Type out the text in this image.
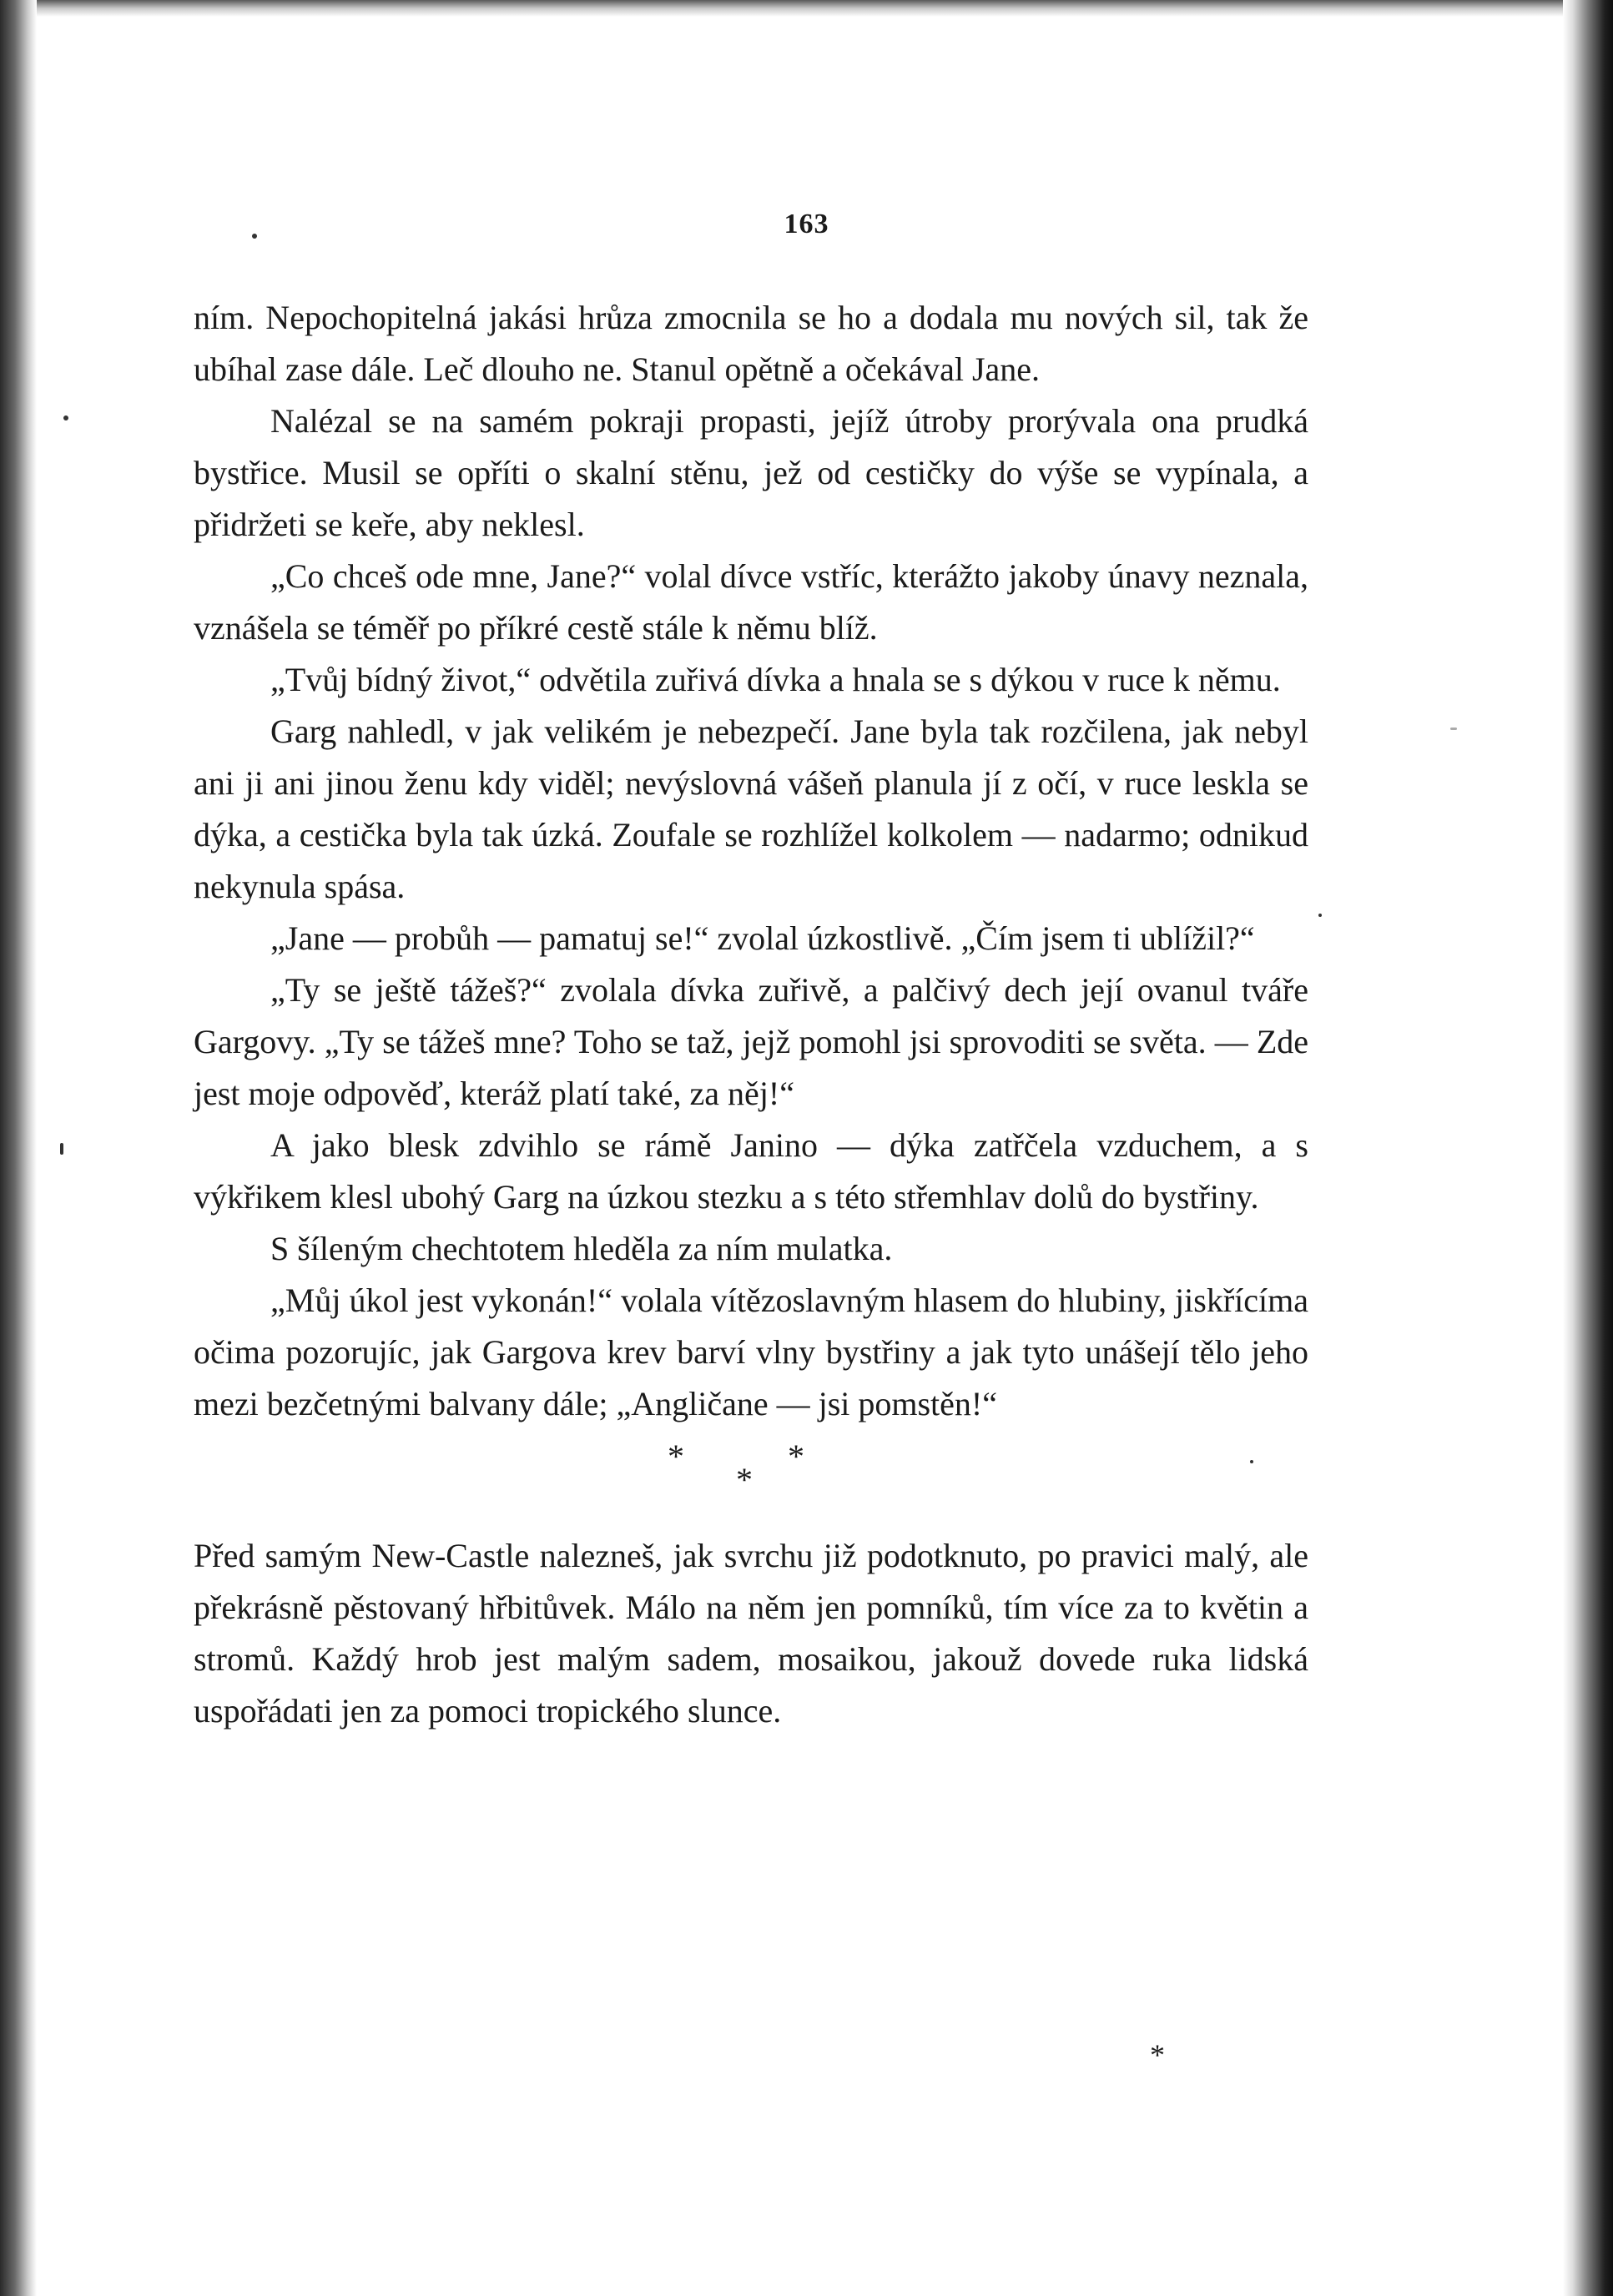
163

ním. Nepochopitelná jakási hrůza zmocnila se ho a dodala mu nových sil, tak že ubíhal zase dále. Leč dlouho ne. Stanul opětně a očekával Jane.

Nalézal se na samém pokraji propasti, jejíž útroby prorývala ona prudká bystřice. Musil se opříti o skalní stěnu, jež od cestičky do výše se vypínala, a přidržeti se keře, aby neklesl.

„Co chceš ode mne, Jane?“ volal dívce vstříc, kterážto jakoby únavy neznala, vznášela se téměř po příkré cestě stále k němu blíž.

„Tvůj bídný život,“ odvětila zuřivá dívka a hnala se s dýkou v ruce k němu.

Garg nahledl, v jak velikém je nebezpečí. Jane byla tak rozčilena, jak nebyl ani ji ani jinou ženu kdy viděl; nevýslovná vášeň planula jí z očí, v ruce leskla se dýka, a cestička byla tak úzká. Zoufale se rozhlížel kolkolem — nadarmo; odnikud nekynula spása.

„Jane — probůh — pamatuj se!“ zvolal úzkostlivě. „Čím jsem ti ublížil?“

„Ty se ještě tážeš?“ zvolala dívka zuřivě, a palčivý dech její ovanul tváře Gargovy. „Ty se tážeš mne? Toho se taž, jejž pomohl jsi sprovoditi se světa. — Zde jest moje odpověď, kteráž platí také, za něj!“

A jako blesk zdvihlo se rámě Janino — dýka zatřčela vzduchem, a s výkřikem klesl ubohý Garg na úzkou stezku a s této střemhlav dolů do bystřiny.

S šíleným chechtotem hleděla za ním mulatka.

„Můj úkol jest vykonán!“ volala vítězoslavným hlasem do hlubiny, jiskřícíma očima pozorujíc, jak Gargova krev barví vlny bystřiny a jak tyto unášejí tělo jeho mezi bezčetnými balvany dále; „Angličane — jsi pomstěn!“

*
*
*

Před samým New-Castle nalezneš, jak svrchu již podotknuto, po pravici malý, ale překrásně pěstovaný hřbitůvek. Málo na něm jen pomníků, tím více za to květin a stromů. Každý hrob jest malým sadem, mosaikou, jakouž dovede ruka lidská uspořádati jen za pomoci tropického slunce.

*
